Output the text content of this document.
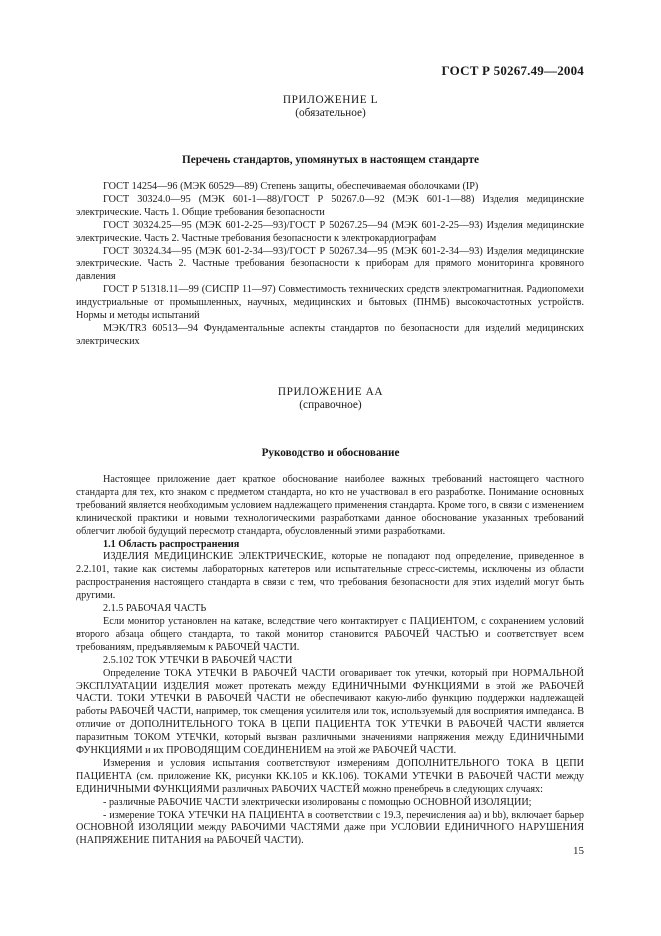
ГОСТ Р 50267.49—2004
ПРИЛОЖЕНИЕ L
(обязательное)
Перечень стандартов, упомянутых в настоящем стандарте

ГОСТ 14254—96 (МЭК 60529—89) Степень защиты, обеспечиваемая оболочками (IP)

ГОСТ 30324.0—95 (МЭК 601-1—88)/ГОСТ Р 50267.0—92 (МЭК 601-1—88) Изделия медицинские электрические. Часть 1. Общие требования безопасности

ГОСТ 30324.25—95 (МЭК 601-2-25—93)/ГОСТ Р 50267.25—94 (МЭК 601-2-25—93) Изделия медицинские электрические. Часть 2. Частные требования безопасности к электрокардиографам

ГОСТ 30324.34—95 (МЭК 601-2-34—93)/ГОСТ Р 50267.34—95 (МЭК 601-2-34—93) Изделия медицинские электрические. Часть 2. Частные требования безопасности к приборам для прямого мониторинга кровяного давления

ГОСТ Р 51318.11—99 (СИСПР 11—97) Совместимость технических средств электромагнитная. Радиопомехи индустриальные от промышленных, научных, медицинских и бытовых (ПНМБ) высокочастотных устройств. Нормы и методы испытаний

МЭК/TR3 60513—94 Фундаментальные аспекты стандартов по безопасности для изделий медицинских электрических

ПРИЛОЖЕНИЕ АА
(справочное)
Руководство и обоснование

Настоящее приложение дает краткое обоснование наиболее важных требований настоящего частного стандарта для тех, кто знаком с предметом стандарта, но кто не участвовал в его разработке. Понимание основных требований является необходимым условием надлежащего применения стандарта. Кроме того, в связи с изменением клинической практики и новыми технологическими разработками данное обоснование указанных требований облегчит любой будущий пересмотр стандарта, обусловленный этими разработками.

1.1 Область распространения

ИЗДЕЛИЯ МЕДИЦИНСКИЕ ЭЛЕКТРИЧЕСКИЕ, которые не попадают под определение, приведенное в 2.2.101, такие как системы лабораторных катетеров или испытательные стресс-системы, исключены из области распространения настоящего стандарта в связи с тем, что требования безопасности для этих изделий могут быть другими.

2.1.5 РАБОЧАЯ ЧАСТЬ

Если монитор установлен на катаке, вследствие чего контактирует с ПАЦИЕНТОМ, с сохранением условий второго абзаца общего стандарта, то такой монитор становится РАБОЧЕЙ ЧАСТЬЮ и соответствует всем требованиям, предъявляемым к РАБОЧЕЙ ЧАСТИ.

2.5.102 ТОК УТЕЧКИ В РАБОЧЕЙ ЧАСТИ

Определение ТОКА УТЕЧКИ В РАБОЧЕЙ ЧАСТИ оговаривает ток утечки, который при НОРМАЛЬНОЙ ЭКСПЛУАТАЦИИ ИЗДЕЛИЯ может протекать между ЕДИНИЧНЫМИ ФУНКЦИЯМИ в этой же РАБОЧЕЙ ЧАСТИ. ТОКИ УТЕЧКИ В РАБОЧЕЙ ЧАСТИ не обеспечивают какую-либо функцию поддержки надлежащей работы РАБОЧЕЙ ЧАСТИ, например, ток смещения усилителя или ток, используемый для восприятия импеданса. В отличие от ДОПОЛНИТЕЛЬНОГО ТОКА В ЦЕПИ ПАЦИЕНТА ТОК УТЕЧКИ В РАБОЧЕЙ ЧАСТИ является паразитным ТОКОМ УТЕЧКИ, который вызван различными значениями напряжения между ЕДИНИЧНЫМИ ФУНКЦИЯМИ и их ПРОВОДЯЩИМ СОЕДИНЕНИЕМ на этой же РАБОЧЕЙ ЧАСТИ.

Измерения и условия испытания соответствуют измерениям ДОПОЛНИТЕЛЬНОГО ТОКА В ЦЕПИ ПАЦИЕНТА (см. приложение КК, рисунки КК.105 и КК.106). ТОКАМИ УТЕЧКИ В РАБОЧЕЙ ЧАСТИ между ЕДИНИЧНЫМИ ФУНКЦИЯМИ различных РАБОЧИХ ЧАСТЕЙ можно пренебречь в следующих случаях:

- различные РАБОЧИЕ ЧАСТИ электрически изолированы с помощью ОСНОВНОЙ ИЗОЛЯЦИИ;

- измерение ТОКА УТЕЧКИ НА ПАЦИЕНТА в соответствии с 19.3, перечисления аа) и bb), включает барьер ОСНОВНОЙ ИЗОЛЯЦИИ между РАБОЧИМИ ЧАСТЯМИ даже при УСЛОВИИ ЕДИНИЧНОГО НАРУШЕНИЯ (НАПРЯЖЕНИЕ ПИТАНИЯ на РАБОЧЕЙ ЧАСТИ).

15
